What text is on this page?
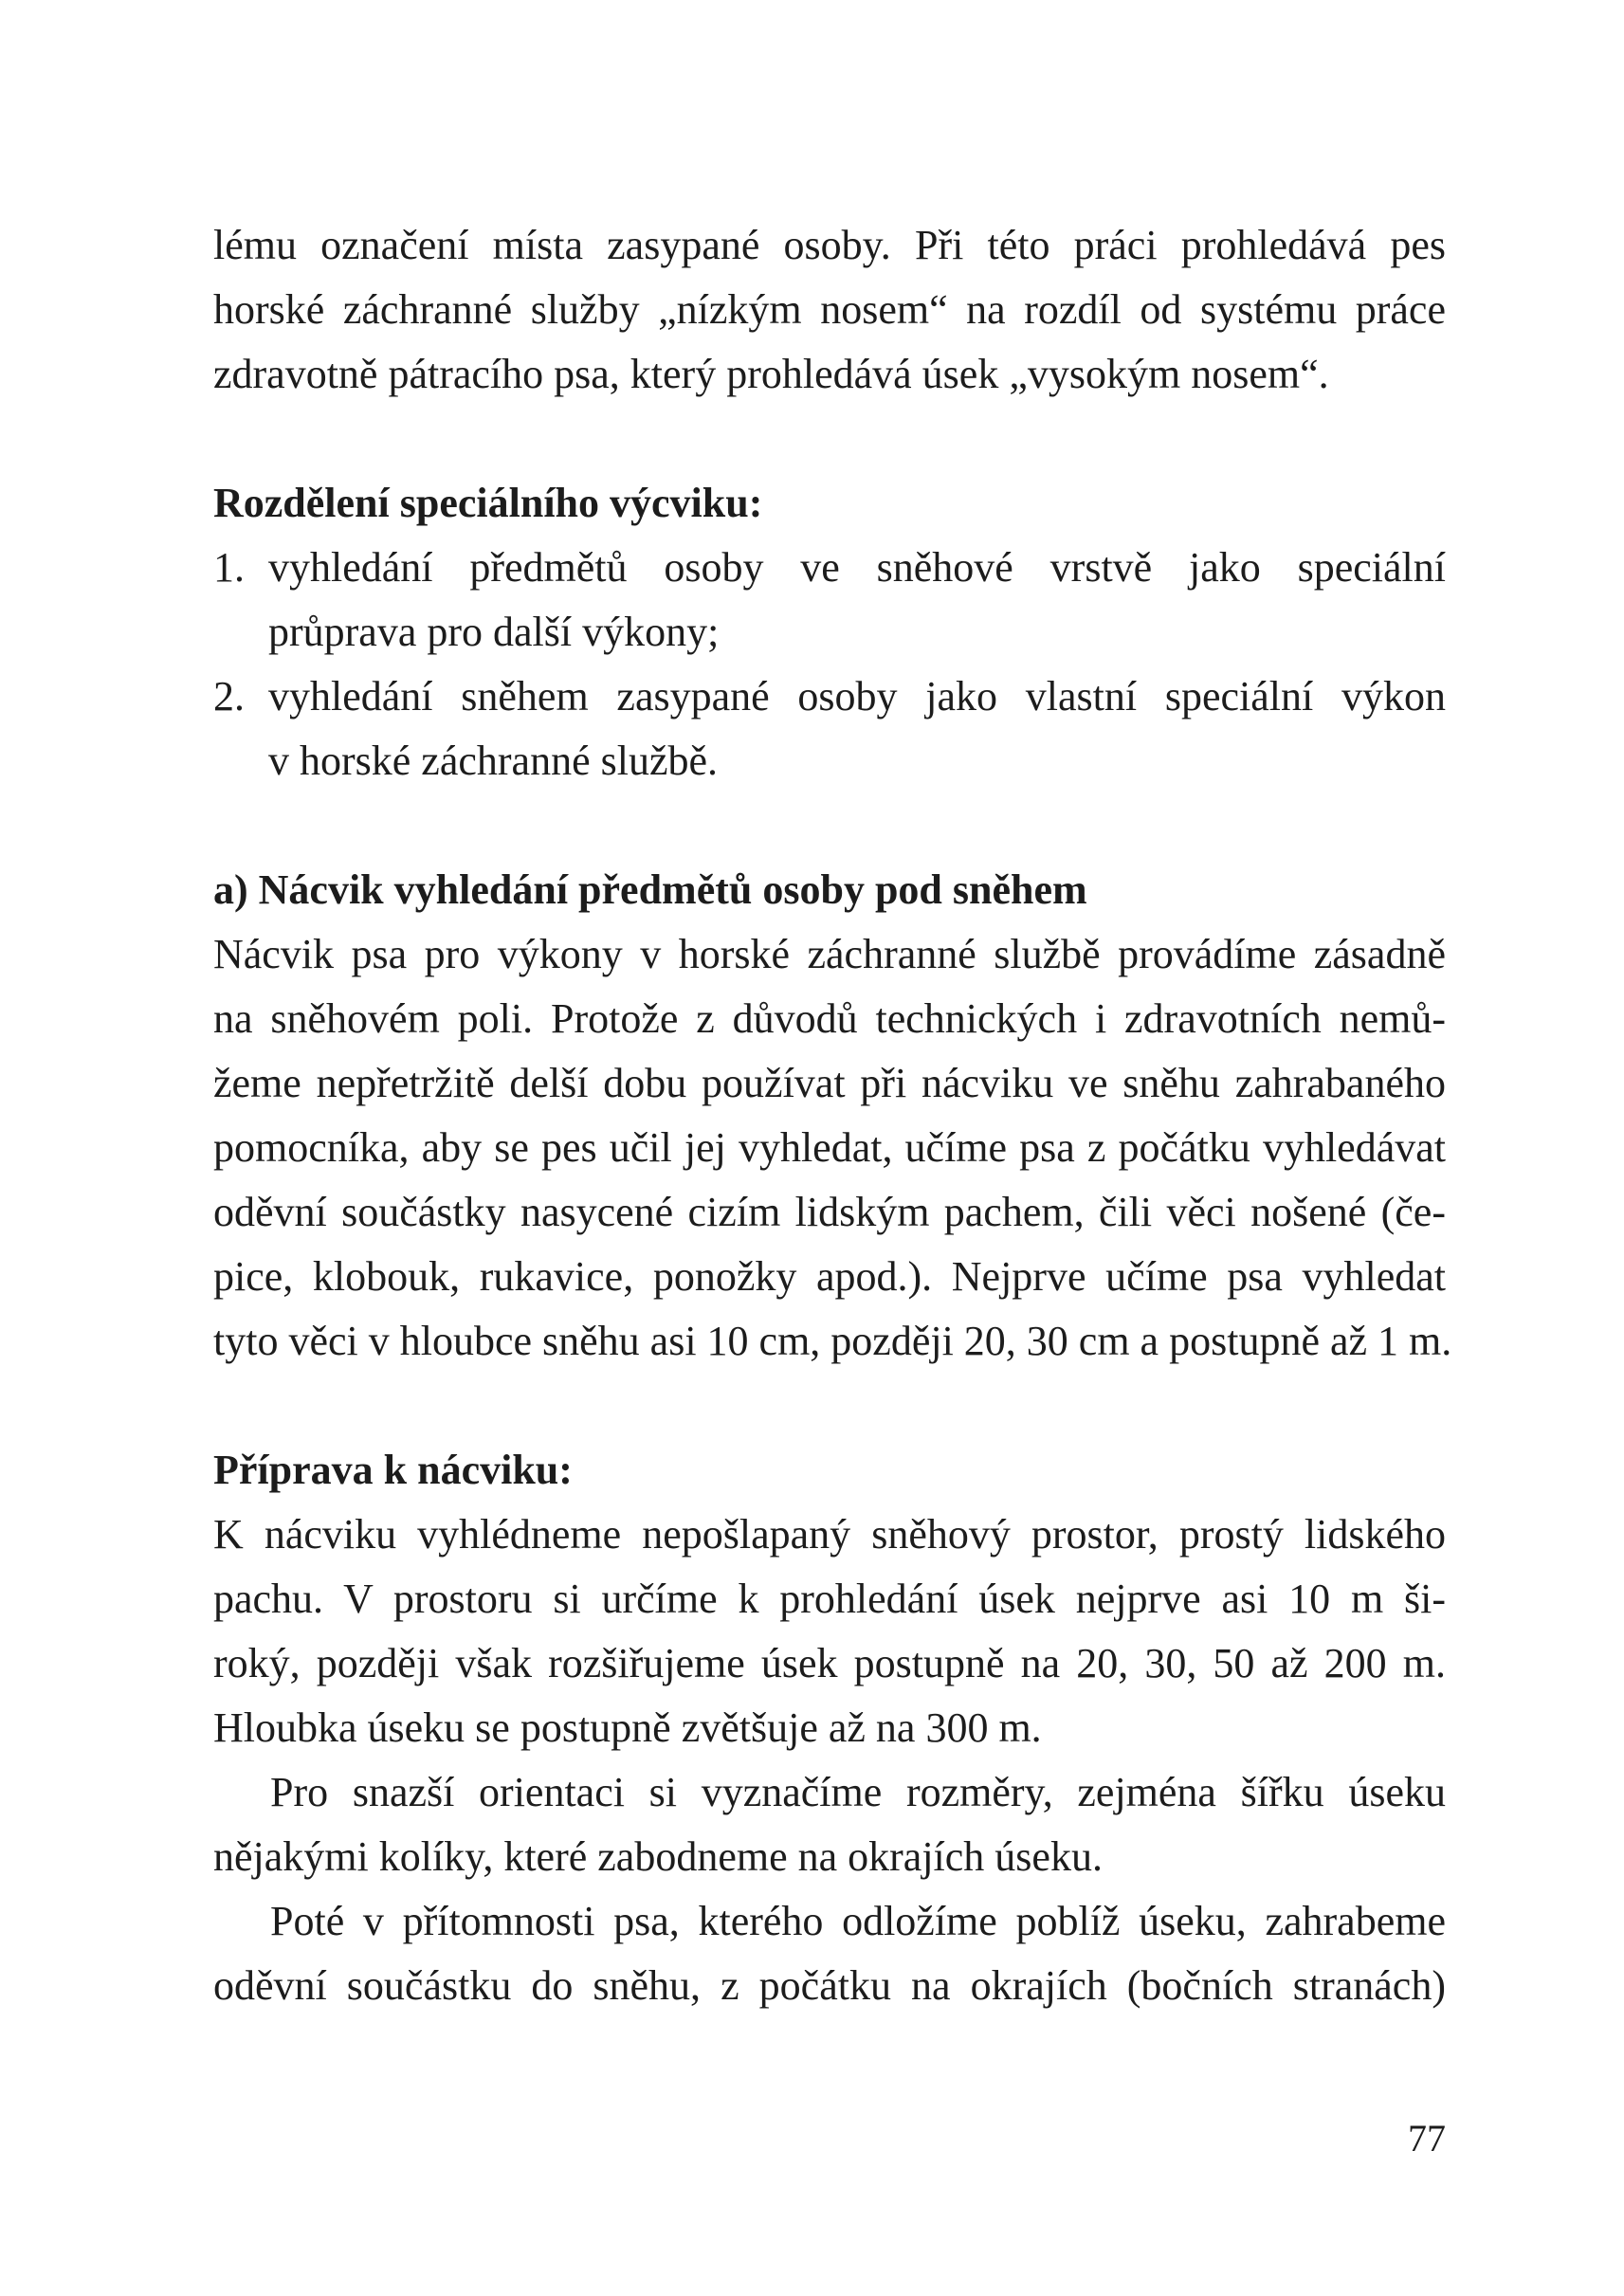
lému označení místa zasypané osoby. Při této práci prohledává pes
horské záchranné služby „nízkým nosem“ na rozdíl od systému práce
zdravotně pátracího psa, který prohledává úsek „vysokým nosem“.
Rozdělení speciálního výcviku:
1. vyhledání předmětů osoby ve sněhové vrstvě jako speciální
průprava pro další výkony;
2. vyhledání sněhem zasypané osoby jako vlastní speciální výkon
v horské záchranné službě.
a) Nácvik vyhledání předmětů osoby pod sněhem
Nácvik psa pro výkony v horské záchranné službě provádíme zásadně
na sněhovém poli. Protože z důvodů technických i zdravotních nemů-
žeme nepřetržitě delší dobu používat při nácviku ve sněhu zahrabaného
pomocníka, aby se pes učil jej vyhledat, učíme psa z počátku vyhledávat
oděvní součástky nasycené cizím lidským pachem, čili věci nošené (če-
pice, klobouk, rukavice, ponožky apod.). Nejprve učíme psa vyhledat
tyto věci v hloubce sněhu asi 10 cm, později 20, 30 cm a postupně až 1 m.
Příprava k nácviku:
K nácviku vyhlédneme nepošlapaný sněhový prostor, prostý lidského
pachu. V prostoru si určíme k prohledání úsek nejprve asi 10 m ši-
roký, později však rozšiřujeme úsek postupně na 20, 30, 50 až 200 m.
Hloubka úseku se postupně zvětšuje až na 300 m.
Pro snazší orientaci si vyznačíme rozměry, zejména šířku úseku
nějakými kolíky, které zabodneme na okrajích úseku.
Poté v přítomnosti psa, kterého odložíme poblíž úseku, zahrabeme
oděvní součástku do sněhu, z počátku na okrajích (bočních stranách)
77
